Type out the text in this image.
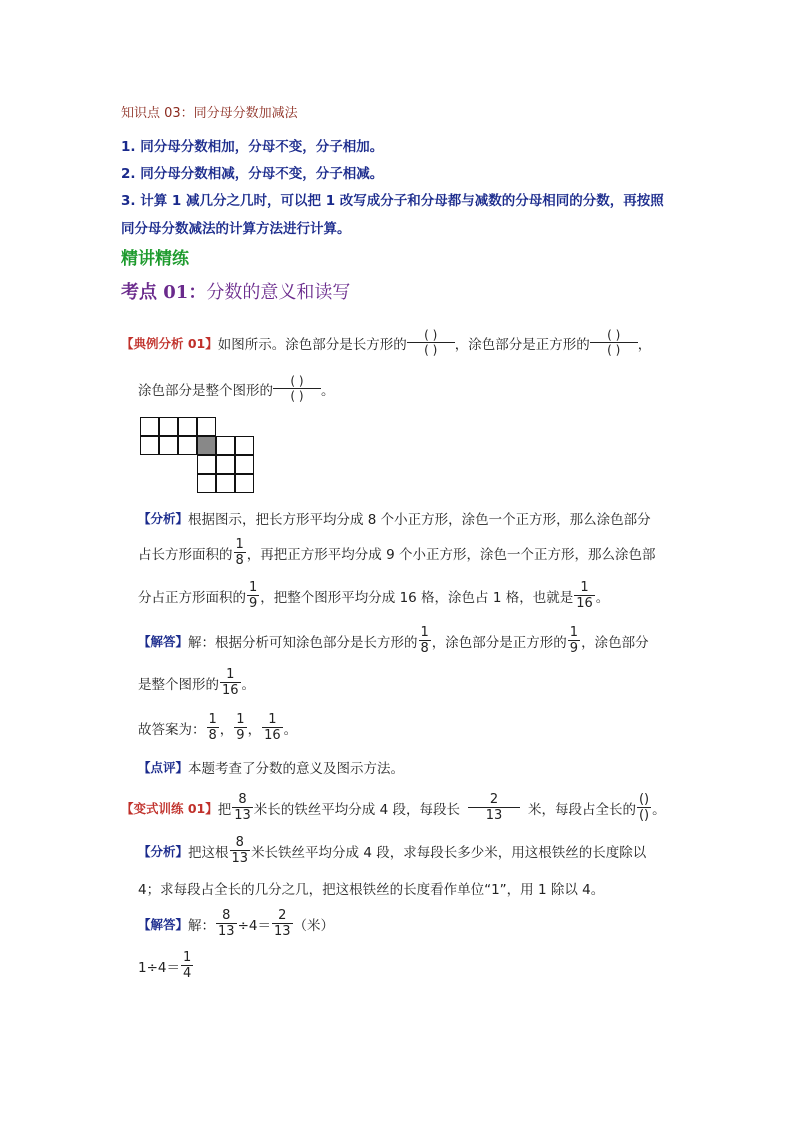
知识点 03：同分母分数加减法
1. 同分母分数相加，分母不变，分子相加。
2. 同分母分数相减，分母不变，分子相减。
3. 计算 1 减几分之几时，可以把 1 改写成分子和分母都与减数的分母相同的分数，再按照
同分母分数减法的计算方法进行计算。
精讲精练
考点 01：分数的意义和读写
【典例分析 01】 如图所示。涂色部分是长方形的 $\frac{( )}{( )}$ ，涂色部分是正方形的 $\frac{( )}{( )}$ ，
涂色部分是整个图形的 $\frac{( )}{( )}$ 。
【分析】 根据图示，把长方形平均分成 8 个小正方形，涂色一个正方形，那么涂色部分
占长方形面积的 $\frac{1}{8}$ ，再把正方形平均分成 9 个小正方形，涂色一个正方形，那么涂色部
分占正方形面积的 $\frac{1}{9}$ ，把整个图形平均分成 16 格，涂色占 1 格，也就是 $\frac{1}{16}$ 。
【解答】 解：根据分析可知涂色部分是长方形的 $\frac{1}{8}$ ，涂色部分是正方形的 $\frac{1}{9}$ ，涂色部分
是整个图形的 $\frac{1}{16}$ 。
故答案为： $\frac{1}{8}$ ， $\frac{1}{9}$ ， $\frac{1}{16}$ 。
【点评】 本题考查了分数的意义及图示方法。
【变式训练 01】 把 $\frac{8}{13}$ 米长的铁丝平均分成 4 段，每段长 $\frac{2}{13}$ 米，每段占全长的 $\frac{()}{()}$ 。
【分析】 把这根 $\frac{8}{13}$ 米长铁丝平均分成 4 段，求每段长多少米，用这根铁丝的长度除以
4；求每段占全长的几分之几，把这根铁丝的长度看作单位“1”，用 1 除以 4。
【解答】 解： $\frac{8}{13} \div 4= \frac{2}{13}$ （米）
$1\div 4= \frac{1}{4}$
